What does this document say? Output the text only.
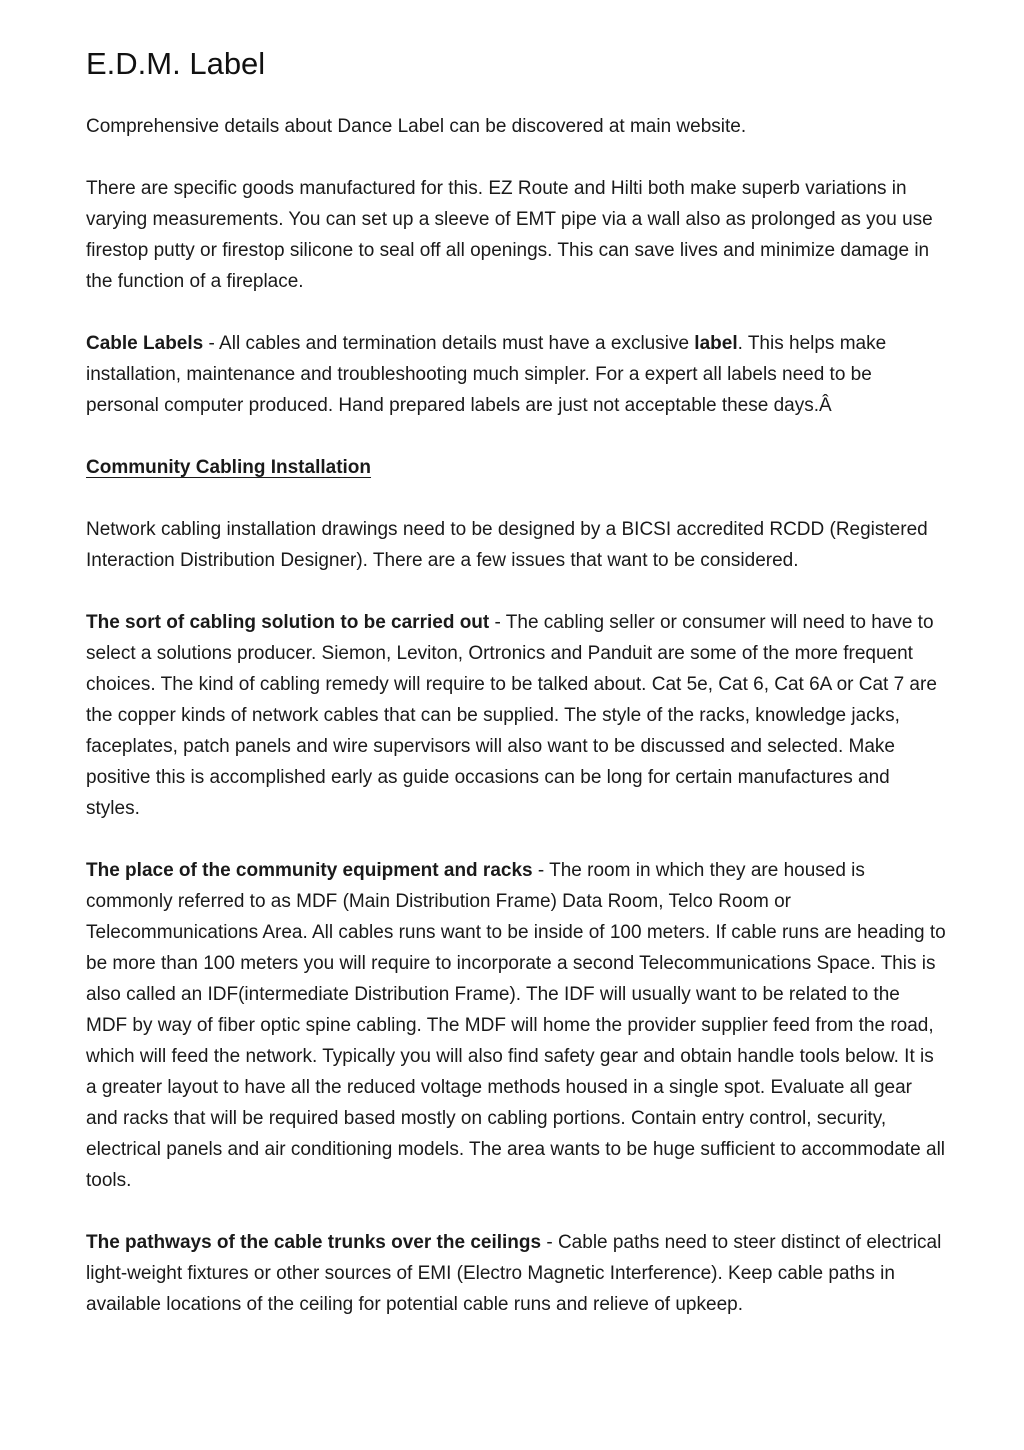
E.D.M. Label

Comprehensive details about Dance Label can be discovered at main website.

There are specific goods manufactured for this. EZ Route and Hilti both make superb variations in varying measurements. You can set up a sleeve of EMT pipe via a wall also as prolonged as you use firestop putty or firestop silicone to seal off all openings. This can save lives and minimize damage in the function of a fireplace.

Cable Labels - All cables and termination details must have a exclusive label. This helps make installation, maintenance and troubleshooting much simpler. For a expert all labels need to be personal computer produced. Hand prepared labels are just not acceptable these days.Â

Community Cabling Installation

Network cabling installation drawings need to be designed by a BICSI accredited RCDD (Registered Interaction Distribution Designer). There are a few issues that want to be considered.

The sort of cabling solution to be carried out - The cabling seller or consumer will need to have to select a solutions producer. Siemon, Leviton, Ortronics and Panduit are some of the more frequent choices. The kind of cabling remedy will require to be talked about. Cat 5e, Cat 6, Cat 6A or Cat 7 are the copper kinds of network cables that can be supplied. The style of the racks, knowledge jacks, faceplates, patch panels and wire supervisors will also want to be discussed and selected. Make positive this is accomplished early as guide occasions can be long for certain manufactures and styles.

The place of the community equipment and racks - The room in which they are housed is commonly referred to as MDF (Main Distribution Frame) Data Room, Telco Room or Telecommunications Area. All cables runs want to be inside of 100 meters. If cable runs are heading to be more than 100 meters you will require to incorporate a second Telecommunications Space. This is also called an IDF(intermediate Distribution Frame). The IDF will usually want to be related to the MDF by way of fiber optic spine cabling. The MDF will home the provider supplier feed from the road, which will feed the network. Typically you will also find safety gear and obtain handle tools below. It is a greater layout to have all the reduced voltage methods housed in a single spot. Evaluate all gear and racks that will be required based mostly on cabling portions. Contain entry control, security, electrical panels and air conditioning models. The area wants to be huge sufficient to accommodate all tools.

The pathways of the cable trunks over the ceilings - Cable paths need to steer distinct of electrical light-weight fixtures or other sources of EMI (Electro Magnetic Interference). Keep cable paths in available locations of the ceiling for potential cable runs and relieve of upkeep.
